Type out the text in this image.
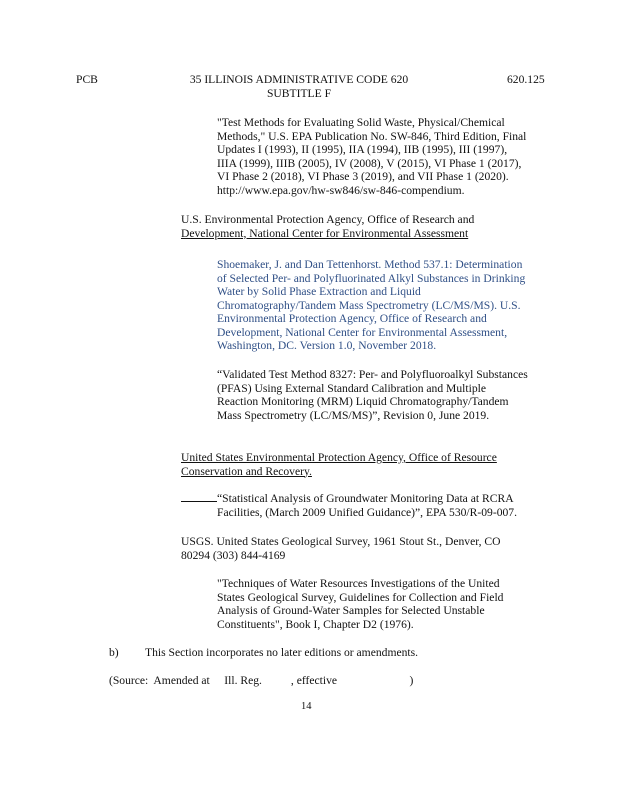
PCB	35 ILLINOIS ADMINISTRATIVE CODE 620
SUBTITLE F
620.125
"Test Methods for Evaluating Solid Waste, Physical/Chemical
Methods," U.S. EPA Publication No. SW-846, Third Edition, Final
Updates I (1993), II (1995), IIA (1994), IIB (1995), III (1997),
IIIA (1999), IIIB (2005), IV (2008), V (2015), VI Phase 1 (2017),
VI Phase 2 (2018), VI Phase 3 (2019), and VII Phase 1 (2020).
http://www.epa.gov/hw-sw846/sw-846-compendium.
U.S. Environmental Protection Agency, Office of Research and
Development, National Center for Environmental Assessment
Shoemaker, J. and Dan Tettenhorst. Method 537.1: Determination
of Selected Per- and Polyfluorinated Alkyl Substances in Drinking
Water by Solid Phase Extraction and Liquid
Chromatography/Tandem Mass Spectrometry (LC/MS/MS). U.S.
Environmental Protection Agency, Office of Research and
Development, National Center for Environmental Assessment,
Washington, DC. Version 1.0, November 2018.
“Validated Test Method 8327: Per- and Polyfluoroalkyl Substances
(PFAS) Using External Standard Calibration and Multiple
Reaction Monitoring (MRM) Liquid Chromatography/Tandem
Mass Spectrometry (LC/MS/MS)”, Revision 0, June 2019.
United States Environmental Protection Agency, Office of Resource
Conservation and Recovery.
“Statistical Analysis of Groundwater Monitoring Data at RCRA
Facilities, (March 2009 Unified Guidance)”, EPA 530/R-09-007.
USGS. United States Geological Survey, 1961 Stout St., Denver, CO
80294 (303) 844-4169
"Techniques of Water Resources Investigations of the United
States Geological Survey, Guidelines for Collection and Field
Analysis of Ground-Water Samples for Selected Unstable
Constituents", Book I, Chapter D2 (1976).
b) This Section incorporates no later editions or amendments.
(Source:  Amended at     Ill. Reg.          , effective                         )
14
